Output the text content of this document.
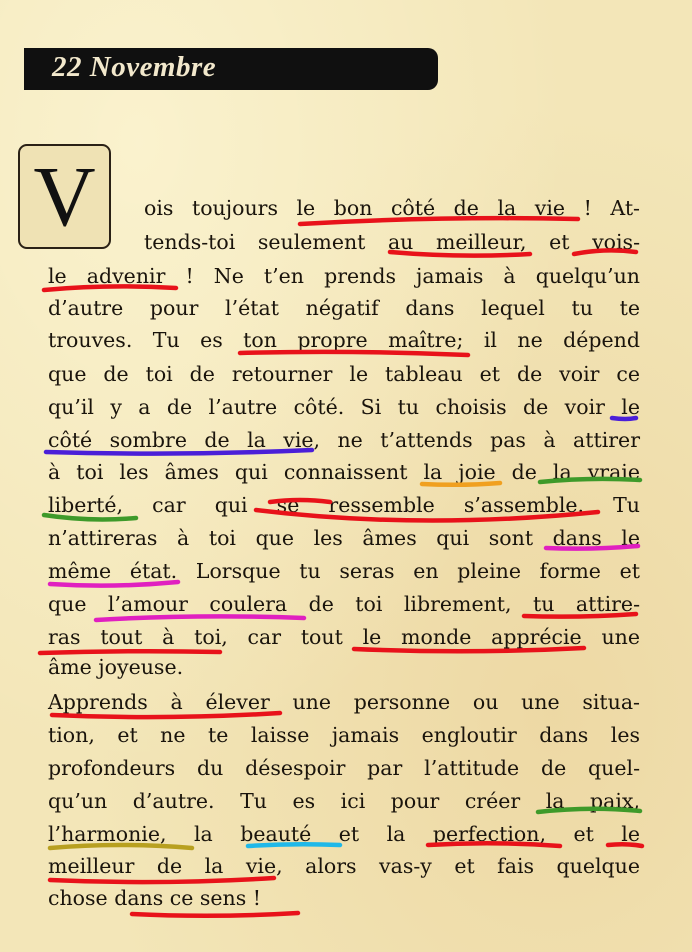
22 Novembre
V	ois toujours le bon côté de la vie ! At-
tends-toi seulement au meilleur, et vois-
le advenir ! Ne t’en prends jamais à quelqu’un
d’autre pour l’état négatif dans lequel tu te
trouves. Tu es ton propre maître; il ne dépend
que de toi de retourner le tableau et de voir ce
qu’il y a de l’autre côté. Si tu choisis de voir le
côté sombre de la vie, ne t’attends pas à attirer
à toi les âmes qui connaissent la joie de la vraie
liberté, car qui se ressemble s’assemble. Tu
n’attireras à toi que les âmes qui sont dans le
même état. Lorsque tu seras en pleine forme et
que l’amour coulera de toi librement, tu attire-
ras tout à toi, car tout le monde apprécie une
âme joyeuse.
Apprends à élever une personne ou une situa-
tion, et ne te laisse jamais engloutir dans les
profondeurs du désespoir par l’attitude de quel-
qu’un d’autre. Tu es ici pour créer la paix,
l’harmonie, la beauté et la perfection, et le
meilleur de la vie, alors vas-y et fais quelque
chose dans ce sens !
